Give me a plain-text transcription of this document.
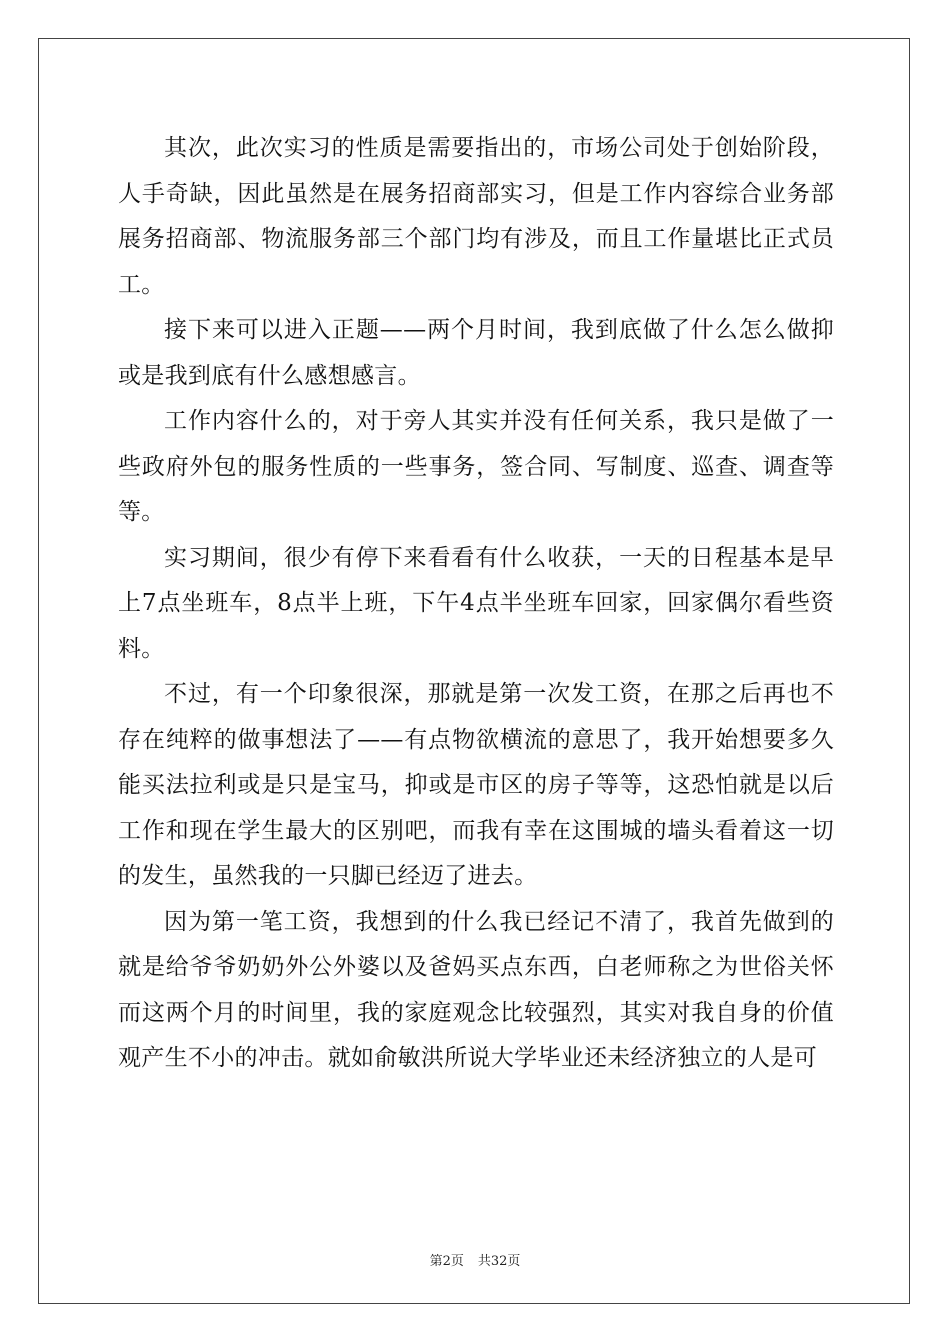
其次，此次实习的性质是需要指出的，市场公司处于创始阶段，人手奇缺，因此虽然是在展务招商部实习，但是工作内容综合业务部展务招商部、物流服务部三个部门均有涉及，而且工作量堪比正式员工。

接下来可以进入正题——两个月时间，我到底做了什么怎么做抑或是我到底有什么感想感言。

工作内容什么的，对于旁人其实并没有任何关系，我只是做了一些政府外包的服务性质的一些事务，签合同、写制度、巡查、调查等等。

实习期间，很少有停下来看看有什么收获，一天的日程基本是早上7点坐班车，8点半上班，下午4点半坐班车回家，回家偶尔看些资料。

不过，有一个印象很深，那就是第一次发工资，在那之后再也不存在纯粹的做事想法了——有点物欲横流的意思了，我开始想要多久能买法拉利或是只是宝马，抑或是市区的房子等等，这恐怕就是以后工作和现在学生最大的区别吧，而我有幸在这围城的墙头看着这一切的发生，虽然我的一只脚已经迈了进去。

因为第一笔工资，我想到的什么我已经记不清了，我首先做到的就是给爷爷奶奶外公外婆以及爸妈买点东西，白老师称之为世俗关怀而这两个月的时间里，我的家庭观念比较强烈，其实对我自身的价值观产生不小的冲击。就如俞敏洪所说大学毕业还未经济独立的人是可

第2页 共32页
